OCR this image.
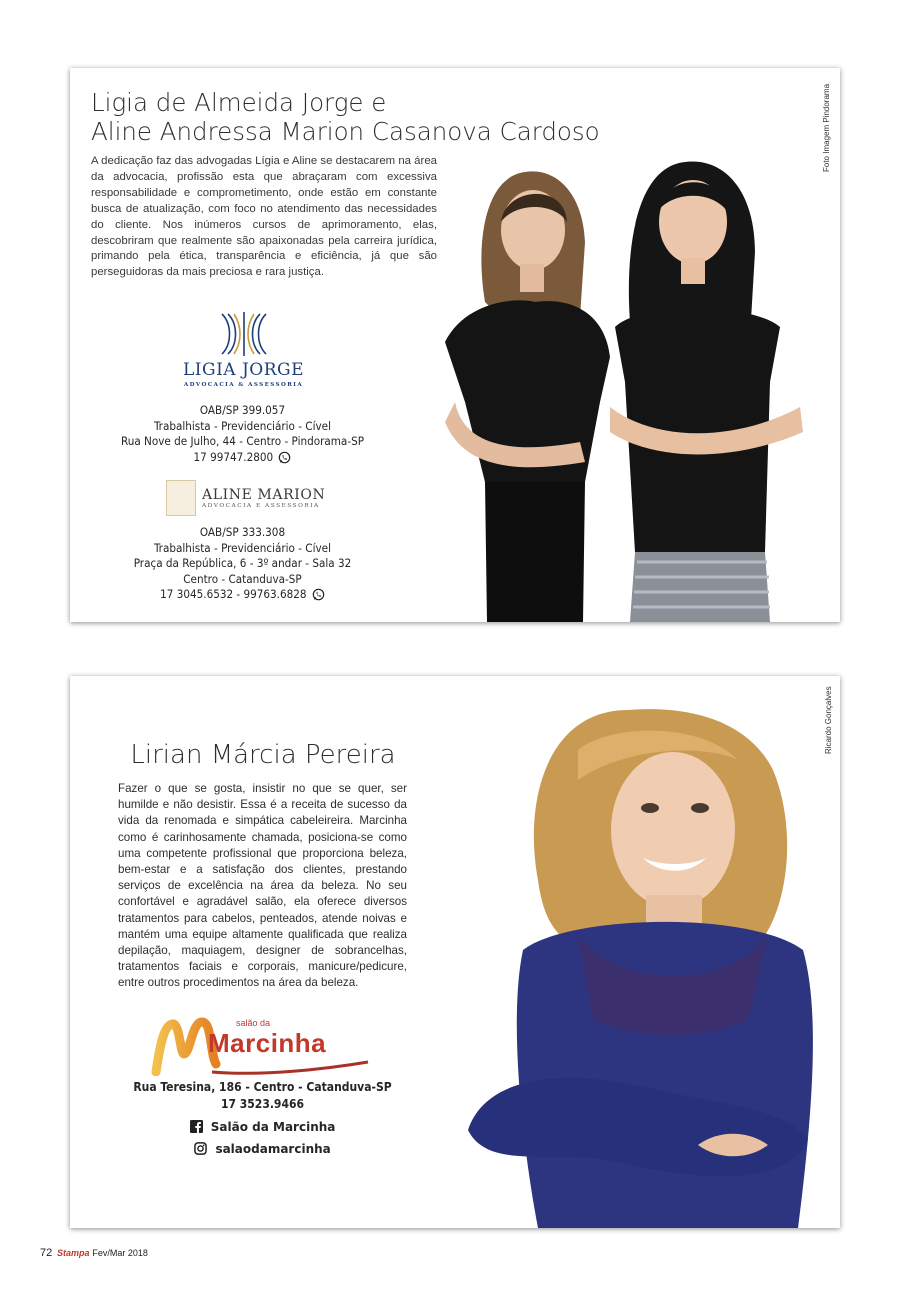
Foto Imagem Pindorama
Ligia de Almeida Jorge e
Aline Andressa Marion Casanova Cardoso

A dedicação faz das advogadas Lígia e Aline se destacarem na área da advocacia, profissão esta que abraçaram com excessiva responsabilidade e comprometimento, onde estão em constante busca de atualização, com foco no atendimento das necessidades do cliente. Nos inúmeros cursos de aprimoramento, elas, descobriram que realmente são apaixonadas pela carreira jurídica, primando pela ética, transparência e eficiência, já que são perseguidoras da mais preciosa e rara justiça.

LIGIA JORGE
ADVOCACIA & ASSESSORIA
OAB/SP 399.057
Trabalhista - Previdenciário - Cível
Rua Nove de Julho, 44 - Centro - Pindorama-SP
17 99747.2800
ALINE MARION
ADVOCACIA E ASSESSORIA
OAB/SP 333.308
Trabalhista - Previdenciário - Cível
Praça da República, 6 - 3º andar - Sala 32
Centro - Catanduva-SP
17 3045.6532 - 99763.6828
Ricardo Gonçalves
Lirian Márcia Pereira

Fazer o que se gosta, insistir no que se quer, ser humilde e não desistir. Essa é a receita de sucesso da vida da renomada e simpática cabeleireira. Marcinha como é carinhosamente chamada, posiciona-se como uma competente profissional que proporciona beleza, bem-estar e a satisfação dos clientes, prestando serviços de excelência na área da beleza. No seu confortável e agradável salão, ela oferece diversos tratamentos para cabelos, penteados, atende noivas e mantém uma equipe altamente qualificada que realiza depilação, maquiagem, designer de sobrancelhas, tratamentos faciais e corporais, manicure/pedicure, entre outros procedimentos na área da beleza.

salão da
Marcinha
Rua Teresina, 186 - Centro - Catanduva-SP
17 3523.9466
Salão da Marcinha
salaodamarcinha
72 Stampa Fev/Mar 2018
